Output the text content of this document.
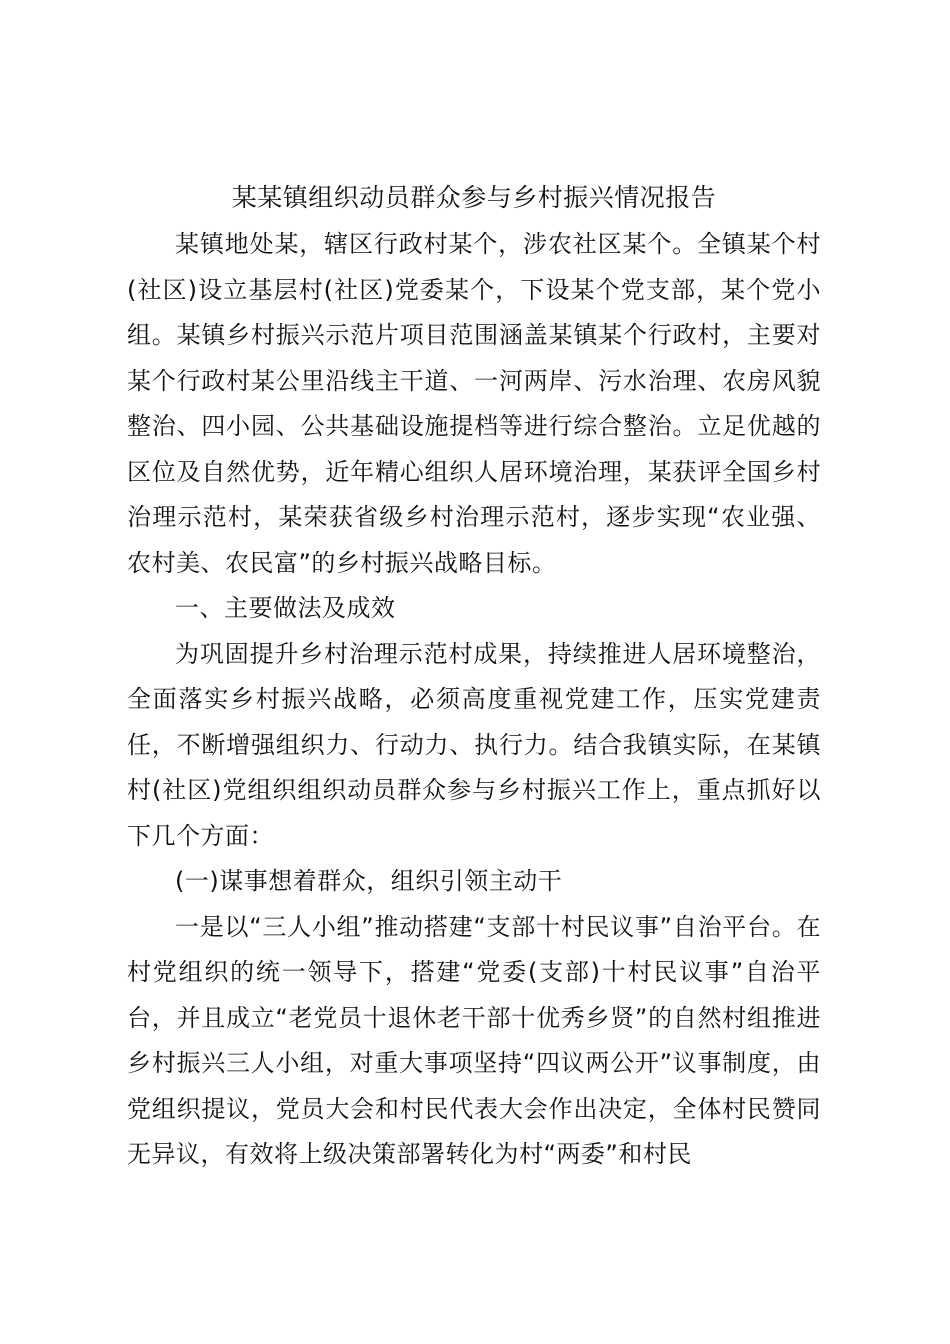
某某镇组织动员群众参与乡村振兴情况报告

某镇地处某，辖区行政村某个，涉农社区某个。全镇某个村(社区)设立基层村(社区)党委某个，下设某个党支部，某个党小组。某镇乡村振兴示范片项目范围涵盖某镇某个行政村，主要对某个行政村某公里沿线主干道、一河两岸、污水治理、农房风貌整治、四小园、公共基础设施提档等进行综合整治。立足优越的区位及自然优势，近年精心组织人居环境治理，某获评全国乡村治理示范村，某荣获省级乡村治理示范村，逐步实现“农业强、农村美、农民富”的乡村振兴战略目标。

一、主要做法及成效

为巩固提升乡村治理示范村成果，持续推进人居环境整治，全面落实乡村振兴战略，必须高度重视党建工作，压实党建责任，不断增强组织力、行动力、执行力。结合我镇实际，在某镇村(社区)党组织组织动员群众参与乡村振兴工作上，重点抓好以下几个方面：

(一)谋事想着群众，组织引领主动干

一是以“三人小组”推动搭建“支部十村民议事”自治平台。在村党组织的统一领导下，搭建“党委(支部)十村民议事”自治平台，并且成立“老党员十退休老干部十优秀乡贤”的自然村组推进乡村振兴三人小组，对重大事项坚持“四议两公开”议事制度，由党组织提议，党员大会和村民代表大会作出决定，全体村民赞同无异议，有效将上级决策部署转化为村“两委”和村民
